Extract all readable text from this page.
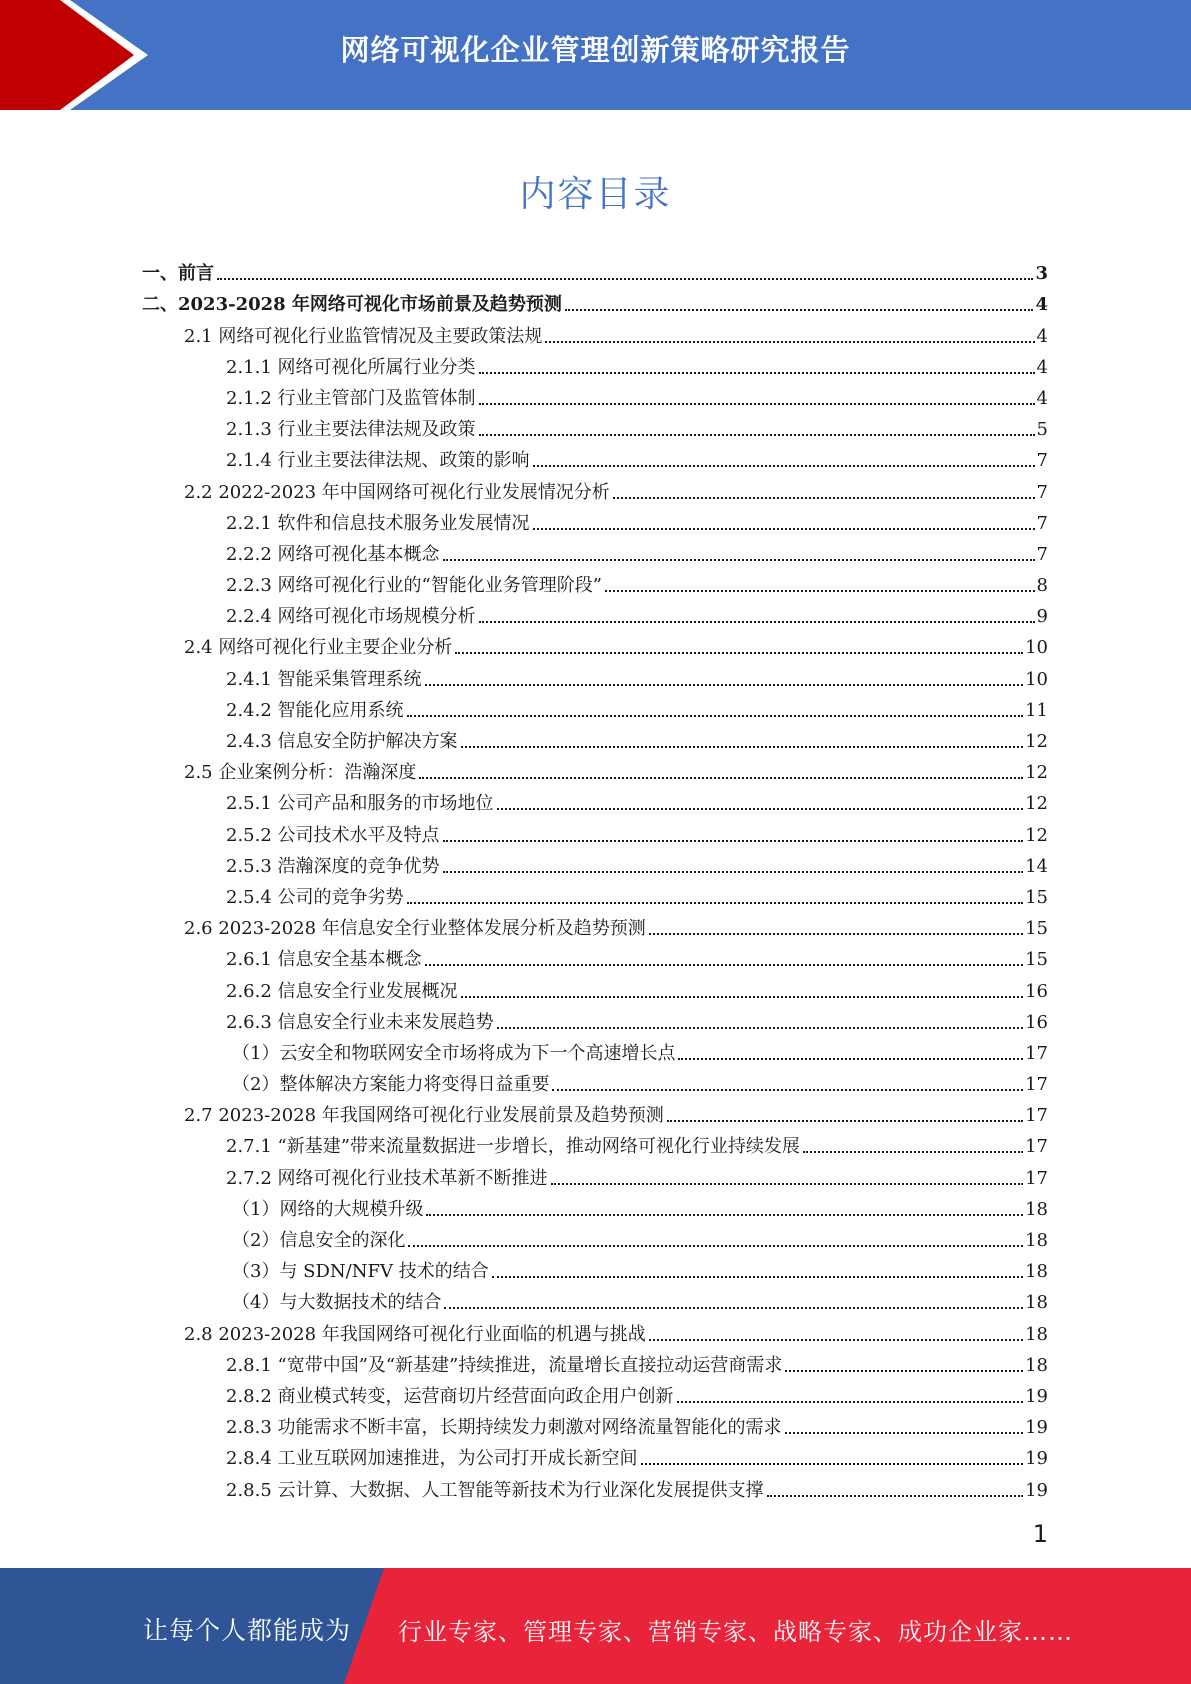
网络可视化企业管理创新策略研究报告
内容目录
一、前言	3
二、2023-2028 年网络可视化市场前景及趋势预测	4
2.1 网络可视化行业监管情况及主要政策法规	4
2.1.1 网络可视化所属行业分类	4
2.1.2 行业主管部门及监管体制	4
2.1.3 行业主要法律法规及政策	5
2.1.4 行业主要法律法规、政策的影响	7
2.2 2022-2023 年中国网络可视化行业发展情况分析	7
2.2.1 软件和信息技术服务业发展情况	7
2.2.2 网络可视化基本概念	7
2.2.3 网络可视化行业的“智能化业务管理阶段”	8
2.2.4 网络可视化市场规模分析	9
2.4 网络可视化行业主要企业分析	10
2.4.1 智能采集管理系统	10
2.4.2 智能化应用系统	11
2.4.3 信息安全防护解决方案	12
2.5 企业案例分析：浩瀚深度	12
2.5.1 公司产品和服务的市场地位	12
2.5.2 公司技术水平及特点	12
2.5.3 浩瀚深度的竞争优势	14
2.5.4 公司的竞争劣势	15
2.6 2023-2028 年信息安全行业整体发展分析及趋势预测	15
2.6.1 信息安全基本概念	15
2.6.2 信息安全行业发展概况	16
2.6.3 信息安全行业未来发展趋势	16
（1）云安全和物联网安全市场将成为下一个高速增长点	17
（2）整体解决方案能力将变得日益重要	17
2.7 2023-2028 年我国网络可视化行业发展前景及趋势预测	17
2.7.1 “新基建”带来流量数据进一步增长，推动网络可视化行业持续发展	17
2.7.2 网络可视化行业技术革新不断推进	17
（1）网络的大规模升级	18
（2）信息安全的深化	18
（3）与 SDN/NFV 技术的结合	18
（4）与大数据技术的结合	18
2.8 2023-2028 年我国网络可视化行业面临的机遇与挑战	18
2.8.1 “宽带中国”及“新基建”持续推进，流量增长直接拉动运营商需求	18
2.8.2 商业模式转变，运营商切片经营面向政企用户创新	19
2.8.3 功能需求不断丰富，长期持续发力刺激对网络流量智能化的需求	19
2.8.4 工业互联网加速推进，为公司打开成长新空间	19
2.8.5 云计算、大数据、人工智能等新技术为行业深化发展提供支撑	19
1
让每个人都能成为 行业专家、管理专家、营销专家、战略专家、成功企业家……
